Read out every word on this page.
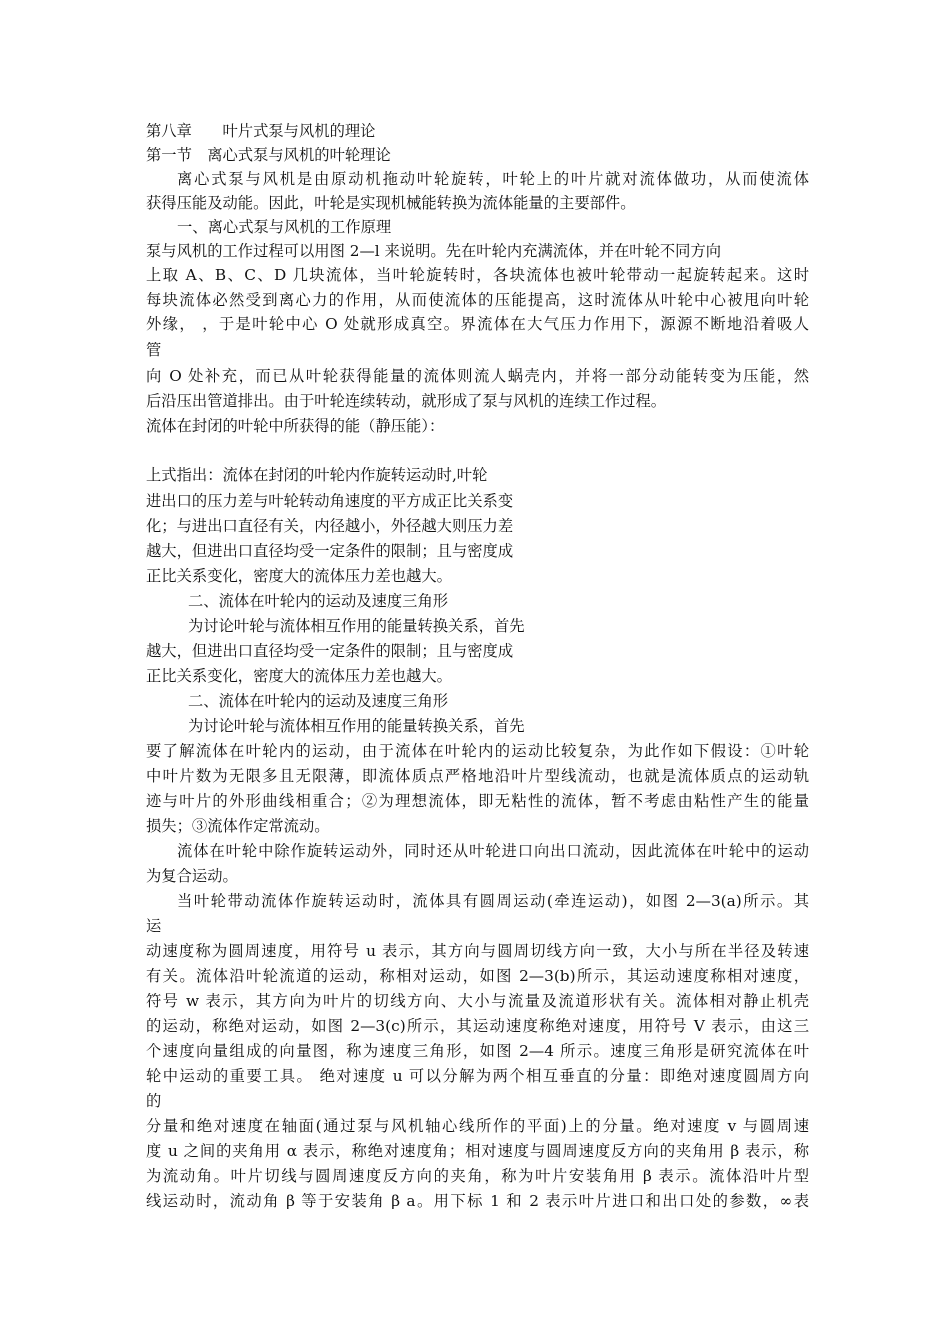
第八章　　叶片式泵与风机的理论

第一节　离心式泵与风机的叶轮理论

离心式泵与风机是由原动机拖动叶轮旋转，叶轮上的叶片就对流体做功，从而使流体

获得压能及动能。因此，叶轮是实现机械能转换为流体能量的主要部件。

一、离心式泵与风机的工作原理

泵与风机的工作过程可以用图 2—l 来说明。先在叶轮内充满流体，并在叶轮不同方向

上取 A、B、C、D 几块流体，当叶轮旋转时，各块流体也被叶轮带动一起旋转起来。这时

每块流体必然受到离心力的作用，从而使流体的压能提高，这时流体从叶轮中心被甩向叶轮

外缘， ，于是叶轮中心 O 处就形成真空。界流体在大气压力作用下，源源不断地沿着吸人

管

向 O 处补充，而已从叶轮获得能量的流体则流人蜗壳内，并将一部分动能转变为压能，然

后沿压出管道排出。由于叶轮连续转动，就形成了泵与风机的连续工作过程。

流体在封闭的叶轮中所获得的能（静压能）：

上式指出：流体在封闭的叶轮内作旋转运动时,叶轮

进出口的压力差与叶轮转动角速度的平方成正比关系变

化；与进出口直径有关，内径越小，外径越大则压力差

越大，但进出口直径均受一定条件的限制；且与密度成

正比关系变化，密度大的流体压力差也越大。

二、流体在叶轮内的运动及速度三角形

为讨论叶轮与流体相互作用的能量转换关系，首先

越大，但进出口直径均受一定条件的限制；且与密度成

正比关系变化，密度大的流体压力差也越大。

二、流体在叶轮内的运动及速度三角形

为讨论叶轮与流体相互作用的能量转换关系，首先

要了解流体在叶轮内的运动，由于流体在叶轮内的运动比较复杂，为此作如下假设：①叶轮

中叶片数为无限多且无限薄，即流体质点严格地沿叶片型线流动，也就是流体质点的运动轨

迹与叶片的外形曲线相重合；②为理想流体，即无粘性的流体，暂不考虑由粘性产生的能量

损失；③流体作定常流动。

流体在叶轮中除作旋转运动外，同时还从叶轮进口向出口流动，因此流体在叶轮中的运动

为复合运动。

当叶轮带动流体作旋转运动时，流体具有圆周运动(牵连运动)，如图 2—3(a)所示。其

运

动速度称为圆周速度，用符号 u 表示，其方向与圆周切线方向一致，大小与所在半径及转速

有关。流体沿叶轮流道的运动，称相对运动，如图 2—3(b)所示，其运动速度称相对速度，

符号 w 表示，其方向为叶片的切线方向、大小与流量及流道形状有关。流体相对静止机壳

的运动，称绝对运动，如图 2—3(c)所示，其运动速度称绝对速度，用符号 V 表示，由这三

个速度向量组成的向量图，称为速度三角形，如图 2—4 所示。速度三角形是研究流体在叶

轮中运动的重要工具。 绝对速度 u 可以分解为两个相互垂直的分量：即绝对速度圆周方向

的

分量和绝对速度在轴面(通过泵与风机轴心线所作的平面)上的分量。绝对速度 v 与圆周速

度 u 之间的夹角用 α 表示，称绝对速度角；相对速度与圆周速度反方向的夹角用 β 表示，称

为流动角。叶片切线与圆周速度反方向的夹角，称为叶片安装角用 β 表示。流体沿叶片型

线运动时，流动角 β 等于安装角 β a。用下标 1 和 2 表示叶片进口和出口处的参数，∞表
